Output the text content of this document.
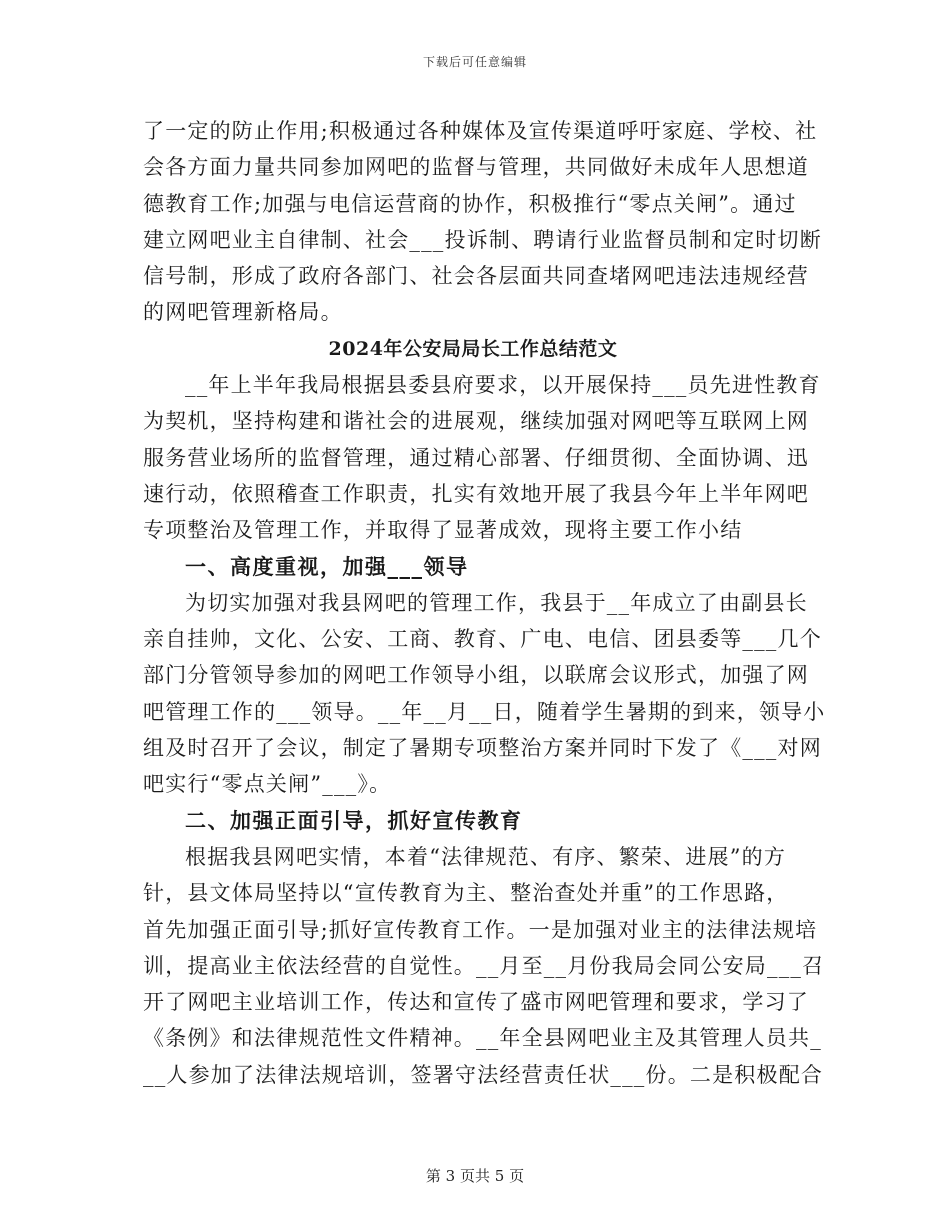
下载后可任意编辑
了一定的防止作用;积极通过各种媒体及宣传渠道呼吁家庭、学校、社
会各方面力量共同参加网吧的监督与管理，共同做好未成年人思想道
德教育工作;加强与电信运营商的协作，积极推行“零点关闸”。通过
建立网吧业主自律制、社会___投诉制、聘请行业监督员制和定时切断
信号制，形成了政府各部门、社会各层面共同查堵网吧违法违规经营
的网吧管理新格局。
2024年公安局局长工作总结范文
__年上半年我局根据县委县府要求，以开展保持___员先进性教育
为契机，坚持构建和谐社会的进展观，继续加强对网吧等互联网上网
服务营业场所的监督管理，通过精心部署、仔细贯彻、全面协调、迅
速行动，依照稽查工作职责，扎实有效地开展了我县今年上半年网吧
专项整治及管理工作，并取得了显著成效，现将主要工作小结
一、高度重视，加强___领导
为切实加强对我县网吧的管理工作，我县于__年成立了由副县长
亲自挂帅，文化、公安、工商、教育、广电、电信、团县委等___几个
部门分管领导参加的网吧工作领导小组，以联席会议形式，加强了网
吧管理工作的___领导。__年__月__日，随着学生暑期的到来，领导小
组及时召开了会议，制定了暑期专项整治方案并同时下发了《___对网
吧实行“零点关闸”___》。
二、加强正面引导，抓好宣传教育
根据我县网吧实情，本着“法律规范、有序、繁荣、进展”的方
针，县文体局坚持以“宣传教育为主、整治查处并重”的工作思路，
首先加强正面引导;抓好宣传教育工作。一是加强对业主的法律法规培
训，提高业主依法经营的自觉性。__月至__月份我局会同公安局___召
开了网吧主业培训工作，传达和宣传了盛市网吧管理和要求，学习了
《条例》和法律规范性文件精神。__年全县网吧业主及其管理人员共_
__人参加了法律法规培训，签署守法经营责任状___份。二是积极配合
第 3 页共 5 页
